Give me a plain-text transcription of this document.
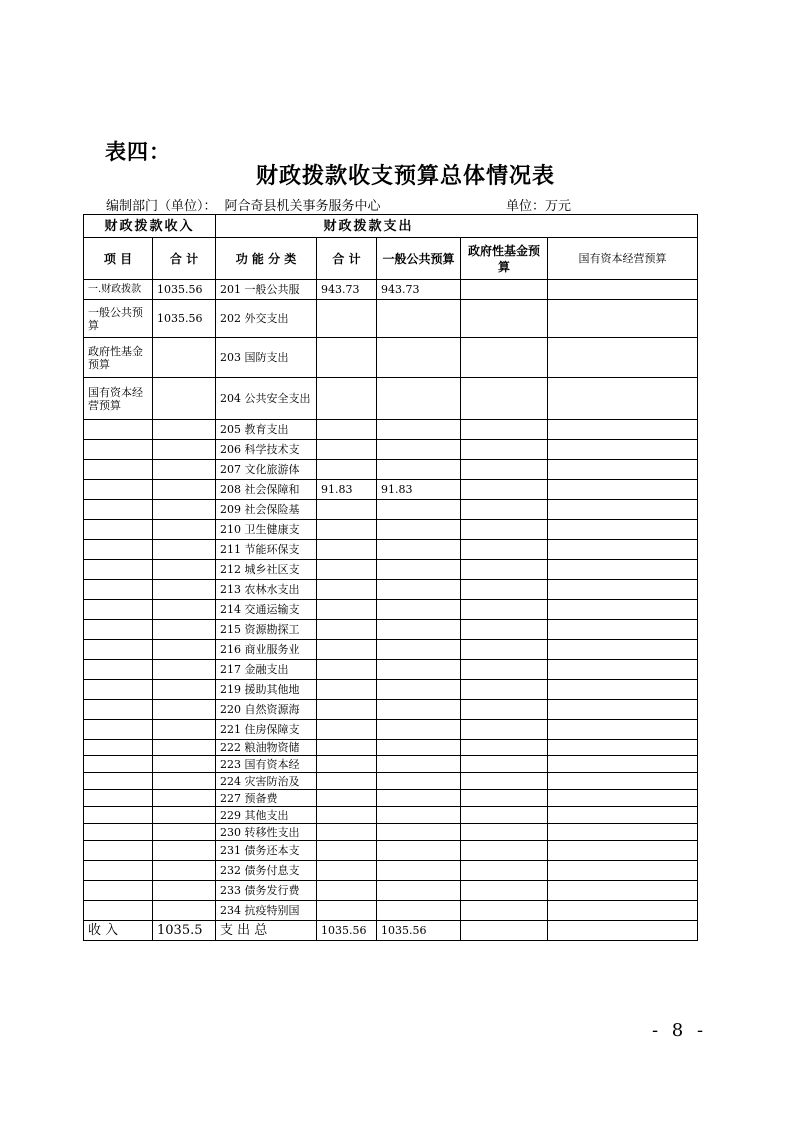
表四：
财政拨款收支预算总体情况表
编制部门（单位）： 阿合奇县机关事务服务中心	单位：万元
财政拨款收入		财政拨款支出				
项 目	合 计	功 能 分 类	合 计	一般公共预算	政府性基金预算	国有资本经营预算
一.财政拨款	1035.56	201 一般公共服	943.73	943.73		
一般公共预算	1035.56	202 外交支出				
政府性基金预算		203 国防支出				
国有资本经营预算		204 公共安全支出				
		205 教育支出				
		206 科学技术支				
		207 文化旅游体				
		208 社会保障和	91.83	91.83		
		209 社会保险基				
		210 卫生健康支				
		211 节能环保支				
		212 城乡社区支				
		213 农林水支出				
		214 交通运输支				
		215 资源勘探工				
		216 商业服务业				
		217 金融支出				
		219 援助其他地				
		220 自然资源海				
		221 住房保障支				
		222 粮油物资储				
		223 国有资本经				
		224 灾害防治及				
		227 预备费				
		229 其他支出				
		230 转移性支出				
		231 债务还本支				
		232 债务付息支				
		233 债务发行费				
		234 抗疫特别国				
收 入	1035.5	支 出 总	1035.56	1035.56		
- 8 -
